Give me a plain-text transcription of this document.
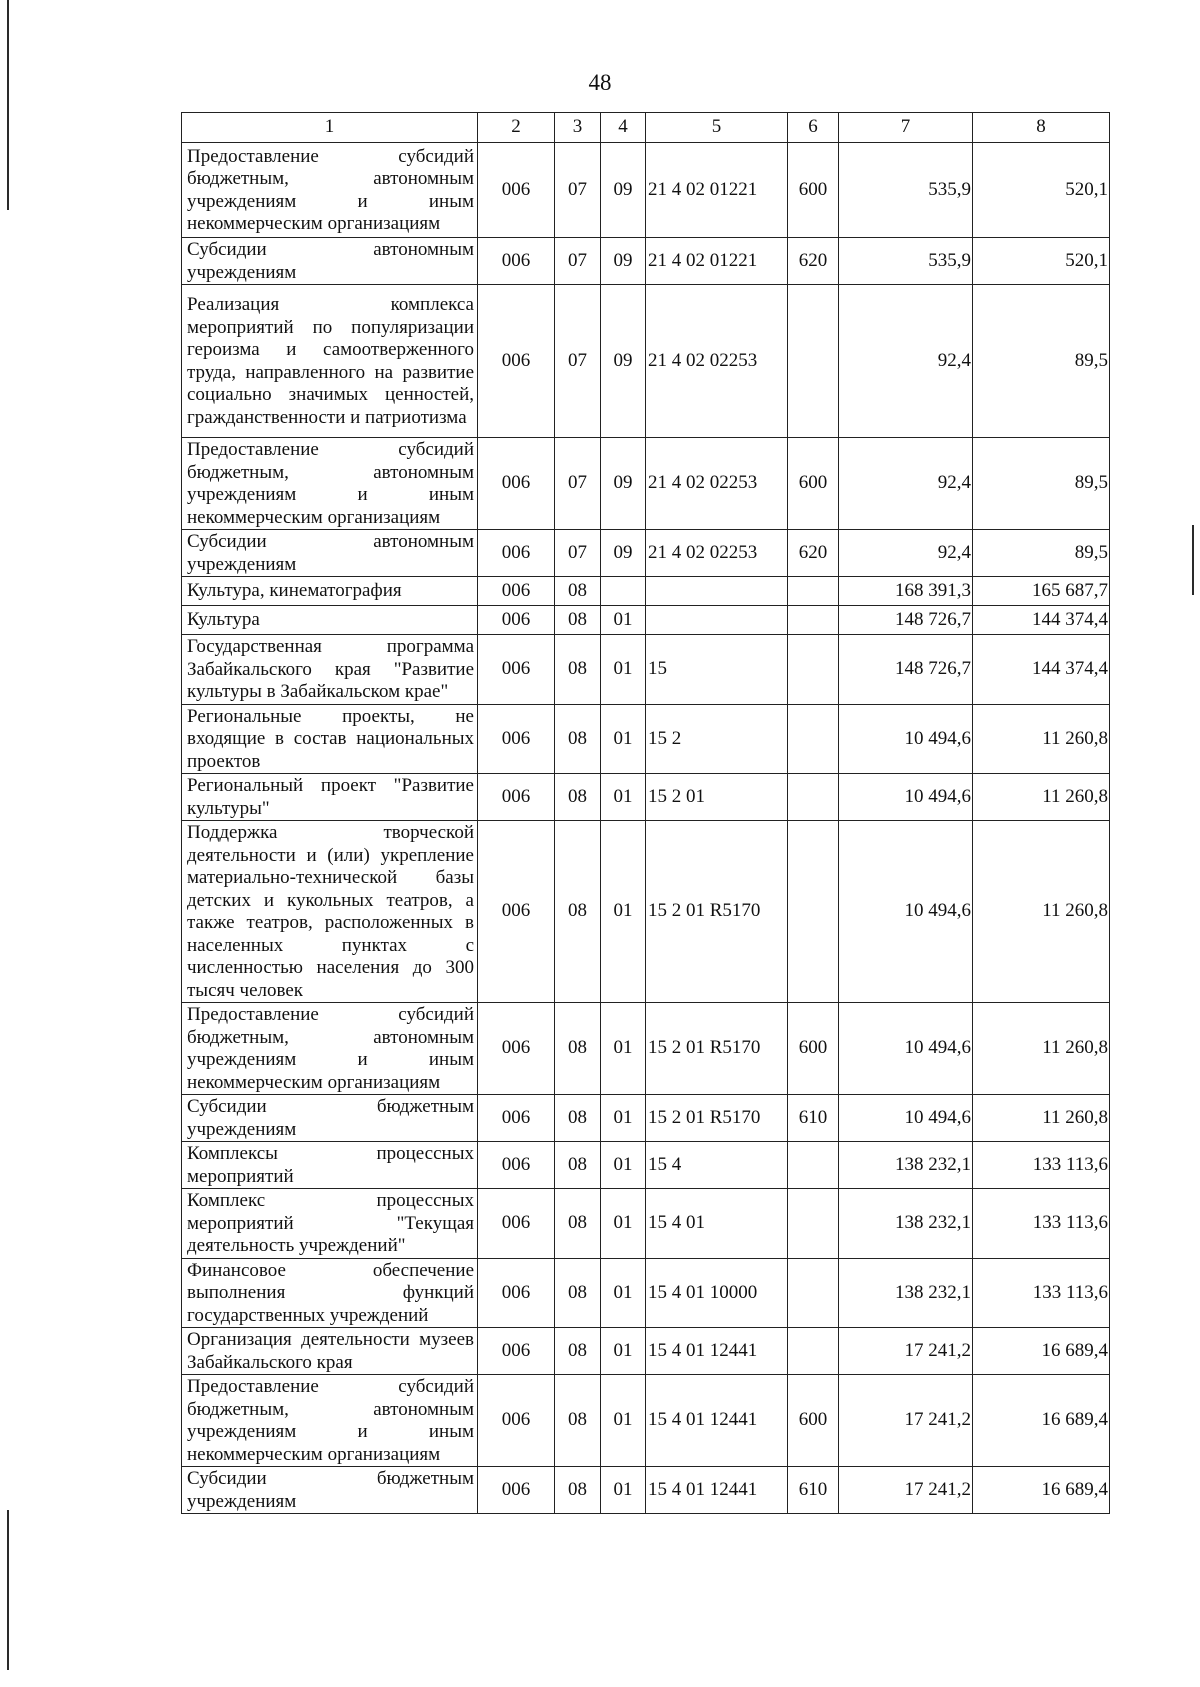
48
1	2	3	4	5	6	7	8
Предоставление субсидий бюджетным, автономным учреждениям и иным некоммерческим организациям	006	07	09	21 4 02 01221	600	535,9	520,1
Субсидии автономным учреждениям	006	07	09	21 4 02 01221	620	535,9	520,1
Реализация комплекса мероприятий по популяризации героизма и самоотверженного труда, направленного на развитие социально значимых ценностей, гражданственности и патриотизма	006	07	09	21 4 02 02253		92,4	89,5
Предоставление субсидий бюджетным, автономным учреждениям и иным некоммерческим организациям	006	07	09	21 4 02 02253	600	92,4	89,5
Субсидии автономным учреждениям	006	07	09	21 4 02 02253	620	92,4	89,5
Культура, кинематография	006	08				168 391,3	165 687,7
Культура	006	08	01			148 726,7	144 374,4
Государственная программа Забайкальского края "Развитие культуры в Забайкальском крае"	006	08	01	15		148 726,7	144 374,4
Региональные проекты, не входящие в состав национальных проектов	006	08	01	15 2		10 494,6	11 260,8
Региональный проект "Развитие культуры"	006	08	01	15 2 01		10 494,6	11 260,8
Поддержка творческой деятельности и (или) укрепление материально-технической базы детских и кукольных театров, а также театров, расположенных в населенных пунктах с численностью населения до 300 тысяч человек	006	08	01	15 2 01 R5170		10 494,6	11 260,8
Предоставление субсидий бюджетным, автономным учреждениям и иным некоммерческим организациям	006	08	01	15 2 01 R5170	600	10 494,6	11 260,8
Субсидии бюджетным учреждениям	006	08	01	15 2 01 R5170	610	10 494,6	11 260,8
Комплексы процессных мероприятий	006	08	01	15 4		138 232,1	133 113,6
Комплекс процессных мероприятий "Текущая деятельность учреждений"	006	08	01	15 4 01		138 232,1	133 113,6
Финансовое обеспечение выполнения функций государственных учреждений	006	08	01	15 4 01 10000		138 232,1	133 113,6
Организация деятельности музеев Забайкальского края	006	08	01	15 4 01 12441		17 241,2	16 689,4
Предоставление субсидий бюджетным, автономным учреждениям и иным некоммерческим организациям	006	08	01	15 4 01 12441	600	17 241,2	16 689,4
Субсидии бюджетным учреждениям	006	08	01	15 4 01 12441	610	17 241,2	16 689,4
